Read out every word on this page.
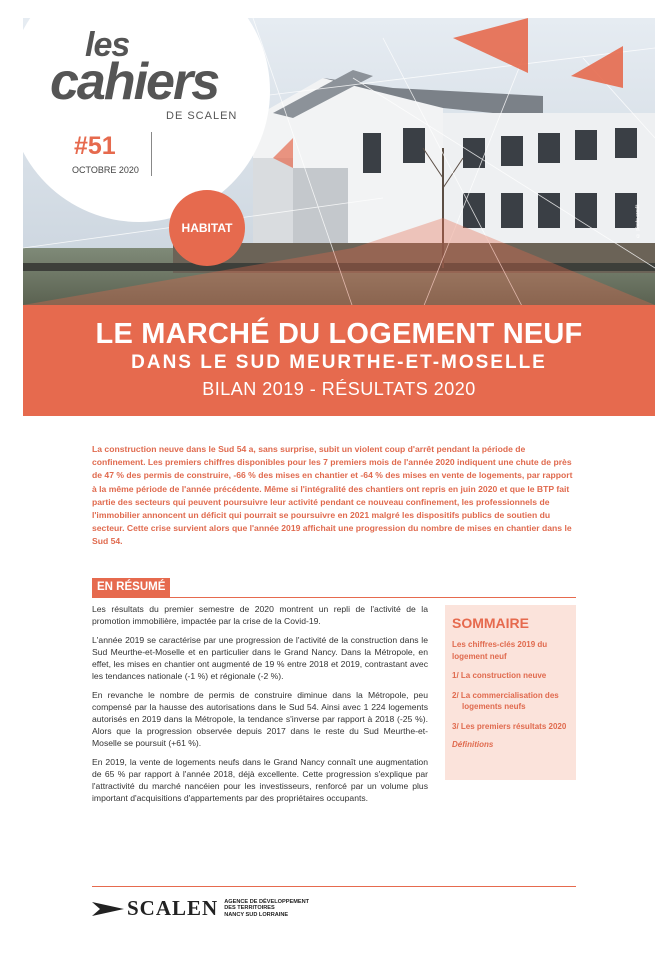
© photo credit
LE MARCHÉ DU LOGEMENT NEUF
DANS LE SUD MEURTHE-ET-MOSELLE
BILAN 2019 - RÉSULTATS 2020
les
cahiers
DE SCALEN
#51
OCTOBRE 2020
HABITAT
La construction neuve dans le Sud 54 a, sans surprise, subit un violent coup d'arrêt pendant la période de confinement. Les premiers chiffres disponibles pour les 7 premiers mois de l'année 2020 indiquent une chute de près de 47 % des permis de construire, -66 % des mises en chantier et -64 % des mises en vente de logements, par rapport à la même période de l'année précédente. Même si l'intégralité des chantiers ont repris en juin 2020 et que le BTP fait partie des secteurs qui peuvent poursuivre leur activité pendant ce nouveau confinement, les professionnels de l'immobilier annoncent un déficit qui pourrait se poursuivre en 2021 malgré les dispositifs publics de soutien du secteur. Cette crise survient alors que l'année 2019 affichait une progression du nombre de mises en chantier dans le Sud 54.
EN RÉSUMÉ

Les résultats du premier semestre de 2020 montrent un repli de l'activité de la promotion immobilière, impactée par la crise de la Covid-19.

L'année 2019 se caractérise par une progression de l'activité de la construction dans le Sud Meurthe-et-Moselle et en particulier dans le Grand Nancy. Dans la Métropole, en effet, les mises en chantier ont augmenté de 19 % entre 2018 et 2019, contrastant avec les tendances nationale (-1 %) et régionale (-2 %).

En revanche le nombre de permis de construire diminue dans la Métropole, peu compensé par la hausse des autorisations dans le Sud 54. Ainsi avec 1 224 logements autorisés en 2019 dans la Métropole, la tendance s'inverse par rapport à 2018 (-25 %). Alors que la progression observée depuis 2017 dans le reste du Sud Meurthe-et-Moselle se poursuit (+61 %).

En 2019, la vente de logements neufs dans le Grand Nancy connaît une augmentation de 65 % par rapport à l'année 2018, déjà excellente. Cette progression s'explique par l'attractivité du marché nancéien pour les investisseurs, renforcé par un volume plus important d'acquisitions d'appartements par des propriétaires occupants.

SOMMAIRE
Les chiffres-clés 2019 du logement neuf
1/ La construction neuve
2/ La commercialisation des logements neufs
3/ Les premiers résultats 2020
Définitions
SCALEN AGENCE DE DÉVELOPPEMENT
DES TERRITOIRES
NANCY SUD LORRAINE
